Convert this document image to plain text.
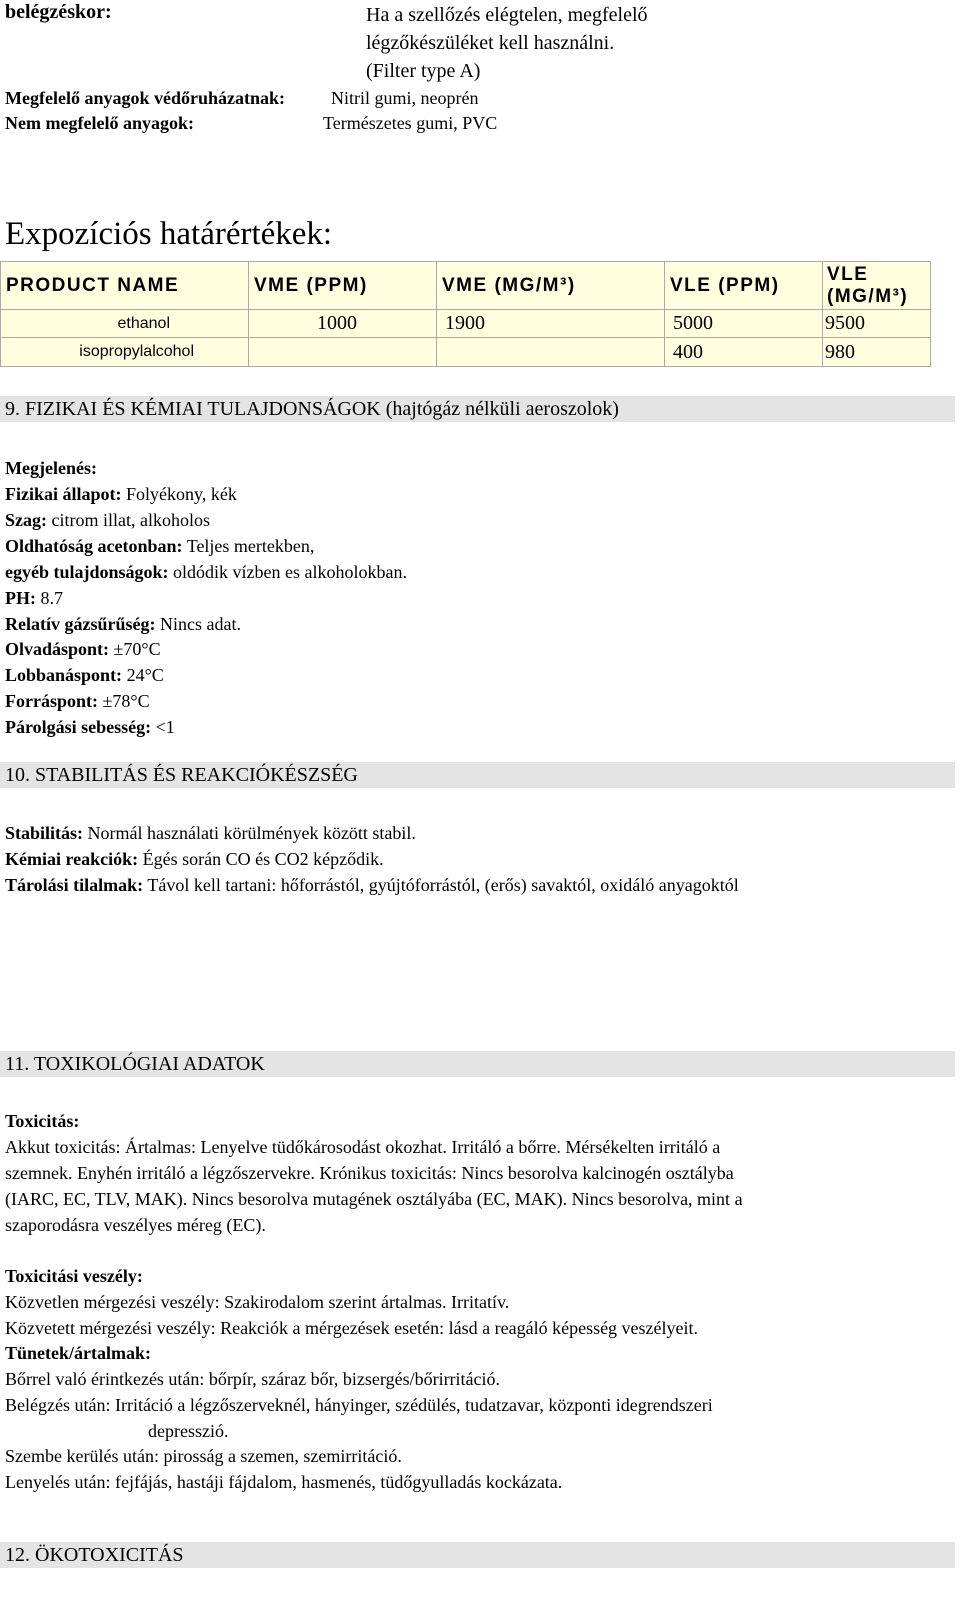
belégzéskor:	Ha a szellőzés elégtelen, megfelelő
légzőkészüléket kell használni.
(Filter type A)
Megfelelő anyagok védőruházatnak:	Nitril gumi, neoprén
Nem megfelelő anyagok:	Természetes gumi, PVC
Expozíciós határértékek:
PRODUCT NAME	VME (PPM)	VME (MG/M³)	VLE (PPM)	VLE
(MG/M³)

ethanol	1000	1900	5000	9500
isopropylalcohol			400	980
9. FIZIKAI ÉS KÉMIAI TULAJDONSÁGOK (hajtógáz nélküli aeroszolok)
Megjelenés:
Fizikai állapot: Folyékony, kék
Szag: citrom illat, alkoholos
Oldhatóság acetonban: Teljes mertekben,
egyéb tulajdonságok: oldódik vízben es alkoholokban.
PH: 8.7
Relatív gázsűrűség: Nincs adat.
Olvadáspont: ±70°C
Lobbanáspont: 24°C
Forráspont: ±78°C
Párolgási sebesség: <1
10. STABILITÁS ÉS REAKCIÓKÉSZSÉG
Stabilitás: Normál használati körülmények között stabil.
Kémiai reakciók: Égés során CO és CO2 képződik.
Tárolási tilalmak: Távol kell tartani: hőforrástól, gyújtóforrástól, (erős) savaktól, oxidáló anyagoktól
11. TOXIKOLÓGIAI ADATOK
Toxicitás:
Akkut toxicitás: Ártalmas: Lenyelve tüdőkárosodást okozhat. Irritáló a bőrre. Mérsékelten irritáló a
szemnek. Enyhén irritáló a légzőszervekre. Krónikus toxicitás: Nincs besorolva kalcinogén osztályba
(IARC, EC, TLV, MAK). Nincs besorolva mutagének osztályába (EC, MAK). Nincs besorolva, mint a
szaporodásra veszélyes méreg (EC).
Toxicitási veszély:
Közvetlen mérgezési veszély: Szakirodalom szerint ártalmas. Irritatív.
Közvetett mérgezési veszély: Reakciók a mérgezések esetén: lásd a reagáló képesség veszélyeit.
Tünetek/ártalmak:
Bőrrel való érintkezés után: bőrpír, száraz bőr, bizsergés/bőrirritáció.
Belégzés után: Irritáció a légzőszerveknél, hányinger, szédülés, tudatzavar, központi idegrendszeri
depresszió.
Szembe kerülés után: pirosság a szemen, szemirritáció.
Lenyelés után: fejfájás, hastáji fájdalom, hasmenés, tüdőgyulladás kockázata.
12. ÖKOTOXICITÁS
